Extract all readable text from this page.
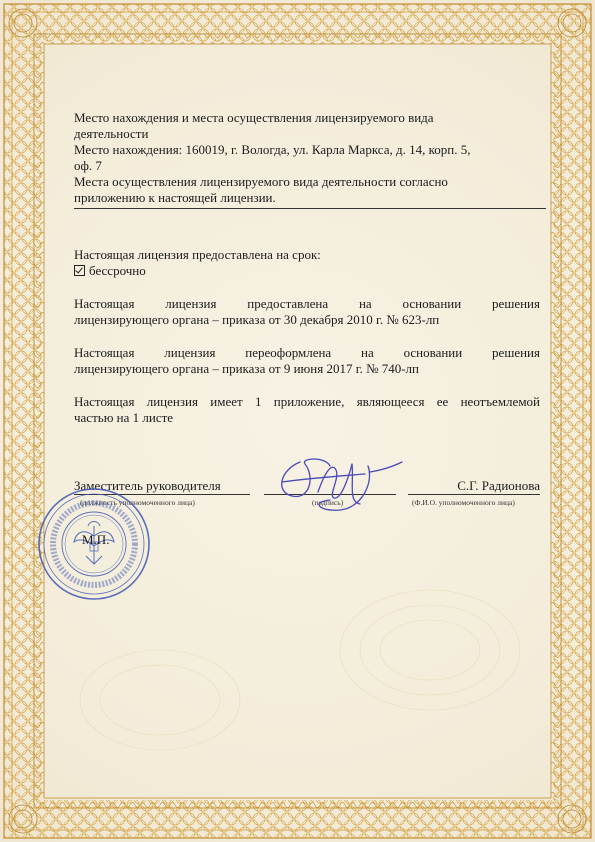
Место нахождения и места осуществления лицензируемого вида

деятельности

Место нахождения: 160019, г. Вологда, ул. Карла Маркса, д. 14, корп. 5,

оф. 7

Места осуществления лицензируемого вида деятельности согласно

приложению к настоящей лицензии.

Настоящая лицензия предоставлена на срок:

бессрочно

Настоящая лицензия предоставлена на основании решения

лицензирующего органа – приказа от 30 декабря 2010 г. № 623-лп

Настоящая лицензия переоформлена на основании решения

лицензирующего органа – приказа от 9 июня 2017 г. № 740-лп

Настоящая лицензия имеет 1 приложение, являющееся ее неотъемлемой

частью на 1 листе

Заместитель руководителя	С.Г. Радионова
(должность уполномоченного лица)	(подпись)	(Ф.И.О. уполномоченного лица)
М.П.
